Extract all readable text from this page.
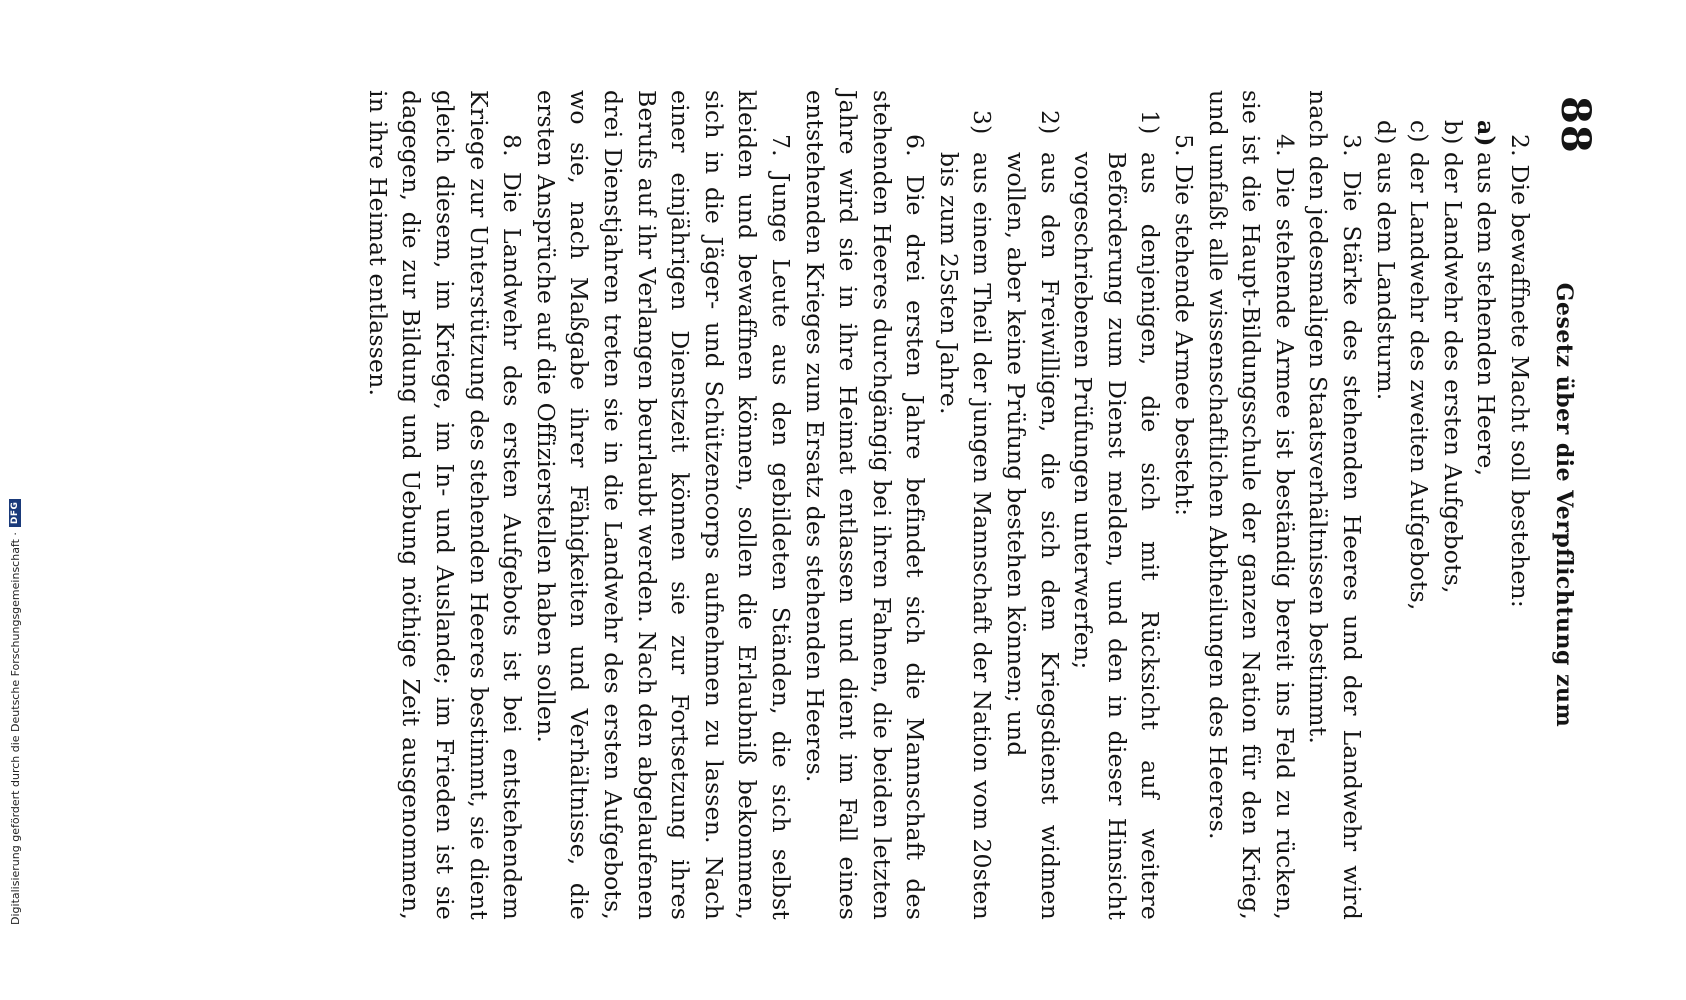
Digitalisierung gefördert durch die Deutsche Forschungsgemeinschaft ·
DFG
88
Gesetz über die Verpflichtung zum

2. Die bewaffnete Macht soll bestehen:

a)
aus dem stehenden Heere,

b)
der Landwehr des ersten Aufgebots,

c)
der Landwehr des zweiten Aufgebots,

d)
aus dem Landsturm.

3. Die Stärke des stehenden Heeres und der Landwehr wird nach den jedesmaligen Staatsverhältnissen bestimmt.

4. Die stehende Armee ist beständig bereit ins Feld zu rücken, sie ist die Haupt-Bildungsschule der ganzen Nation für den Krieg, und umfaßt alle wissenschaftlichen Abtheilungen des Heeres.

5. Die stehende Armee besteht:

1)
aus denjenigen, die sich mit Rücksicht auf weitere Beförderung zum Dienst melden, und den in dieser Hinsicht vorgeschriebenen Prüfungen unterwerfen;

2)
aus den Freiwilligen, die sich dem Kriegsdienst widmen wollen, aber keine Prüfung bestehen können; und

3)
aus einem Theil der jungen Mannschaft der Nation vom 20sten bis zum 25sten Jahre.

6. Die drei ersten Jahre befindet sich die Mannschaft des stehenden Heeres durchgängig bei ihren Fahnen, die beiden letzten Jahre wird sie in ihre Heimat entlassen und dient im Fall eines entstehenden Krieges zum Ersatz des stehenden Heeres.

7. Junge Leute aus den gebildeten Ständen, die sich selbst kleiden und bewaffnen können, sollen die Erlaubniß bekommen, sich in die Jäger- und Schützencorps aufnehmen zu lassen. Nach einer einjährigen Dienstzeit können sie zur Fortsetzung ihres Berufs auf ihr Verlangen beurlaubt werden. Nach den abgelaufenen drei Dienstjahren treten sie in die Landwehr des ersten Aufgebots, wo sie, nach Maßgabe ihrer Fähigkeiten und Verhältnisse, die ersten Ansprüche auf die Offizierstellen haben sollen.

8. Die Landwehr des ersten Aufgebots ist bei entstehendem Kriege zur Unterstützung des stehenden Heeres bestimmt, sie dient gleich diesem, im Kriege, im In- und Auslande; im Frieden ist sie dagegen, die zur Bildung und Uebung nöthige Zeit ausgenommen, in ihre Heimat entlassen.
